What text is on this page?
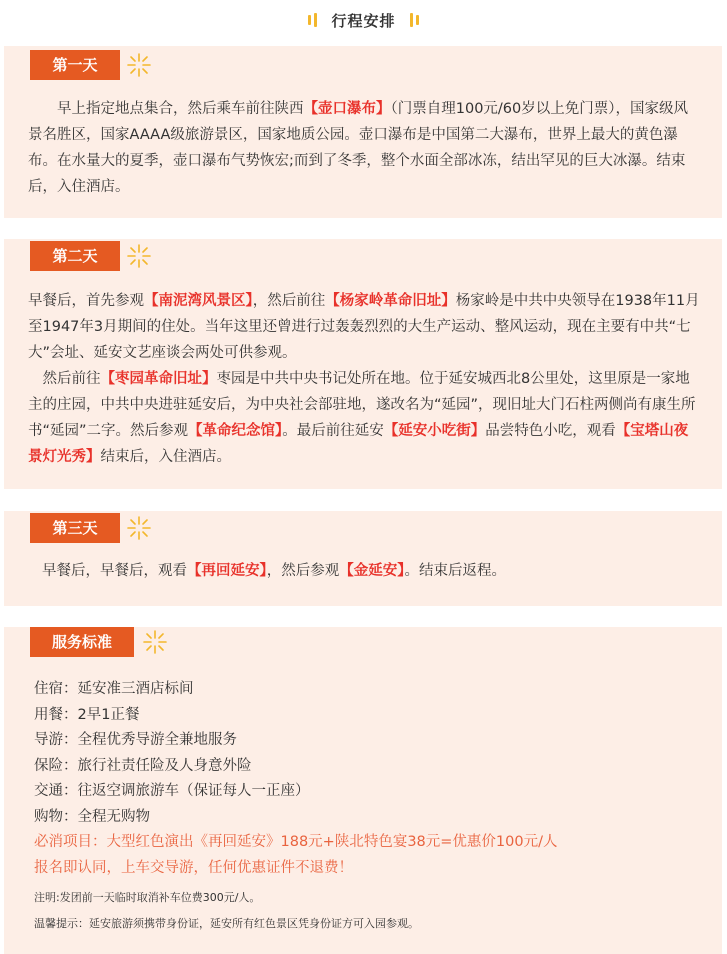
行程安排
第一天
早上指定地点集合，然后乘车前往陕西【壶口瀑布】（门票自理100元/60岁以上免门票），国家级风景名胜区，国家AAAA级旅游景区，国家地质公园。壶口瀑布是中国第二大瀑布，世界上最大的黄色瀑布。在水量大的夏季，壶口瀑布气势恢宏;而到了冬季，整个水面全部冰冻，结出罕见的巨大冰瀑。结束后，入住酒店。
第二天
早餐后，首先参观【南泥湾风景区】，然后前往【杨家岭革命旧址】杨家岭是中共中央领导在1938年11月至1947年3月期间的住处。当年这里还曾进行过轰轰烈烈的大生产运动、整风运动，现在主要有中共“七大”会址、延安文艺座谈会两处可供参观。
然后前往【枣园革命旧址】枣园是中共中央书记处所在地。位于延安城西北8公里处，这里原是一家地主的庄园，中共中央进驻延安后，为中央社会部驻地，遂改名为“延园”，现旧址大门石柱两侧尚有康生所书“延园”二字。然后参观【革命纪念馆】。最后前往延安【延安小吃街】品尝特色小吃，观看【宝塔山夜景灯光秀】结束后，入住酒店。
第三天
早餐后，早餐后，观看【再回延安】，然后参观【金延安】。结束后返程。
服务标准
住宿：延安准三酒店标间
用餐：2早1正餐
导游：全程优秀导游全兼地服务
保险：旅行社责任险及人身意外险
交通：往返空调旅游车（保证每人一正座）
购物：全程无购物
必消项目：大型红色演出《再回延安》188元+陕北特色宴38元=优惠价100元/人
报名即认同，上车交导游，任何优惠证件不退费！
注明:发团前一天临时取消补车位费300元/人。
温馨提示：延安旅游须携带身份证，延安所有红色景区凭身份证方可入园参观。
